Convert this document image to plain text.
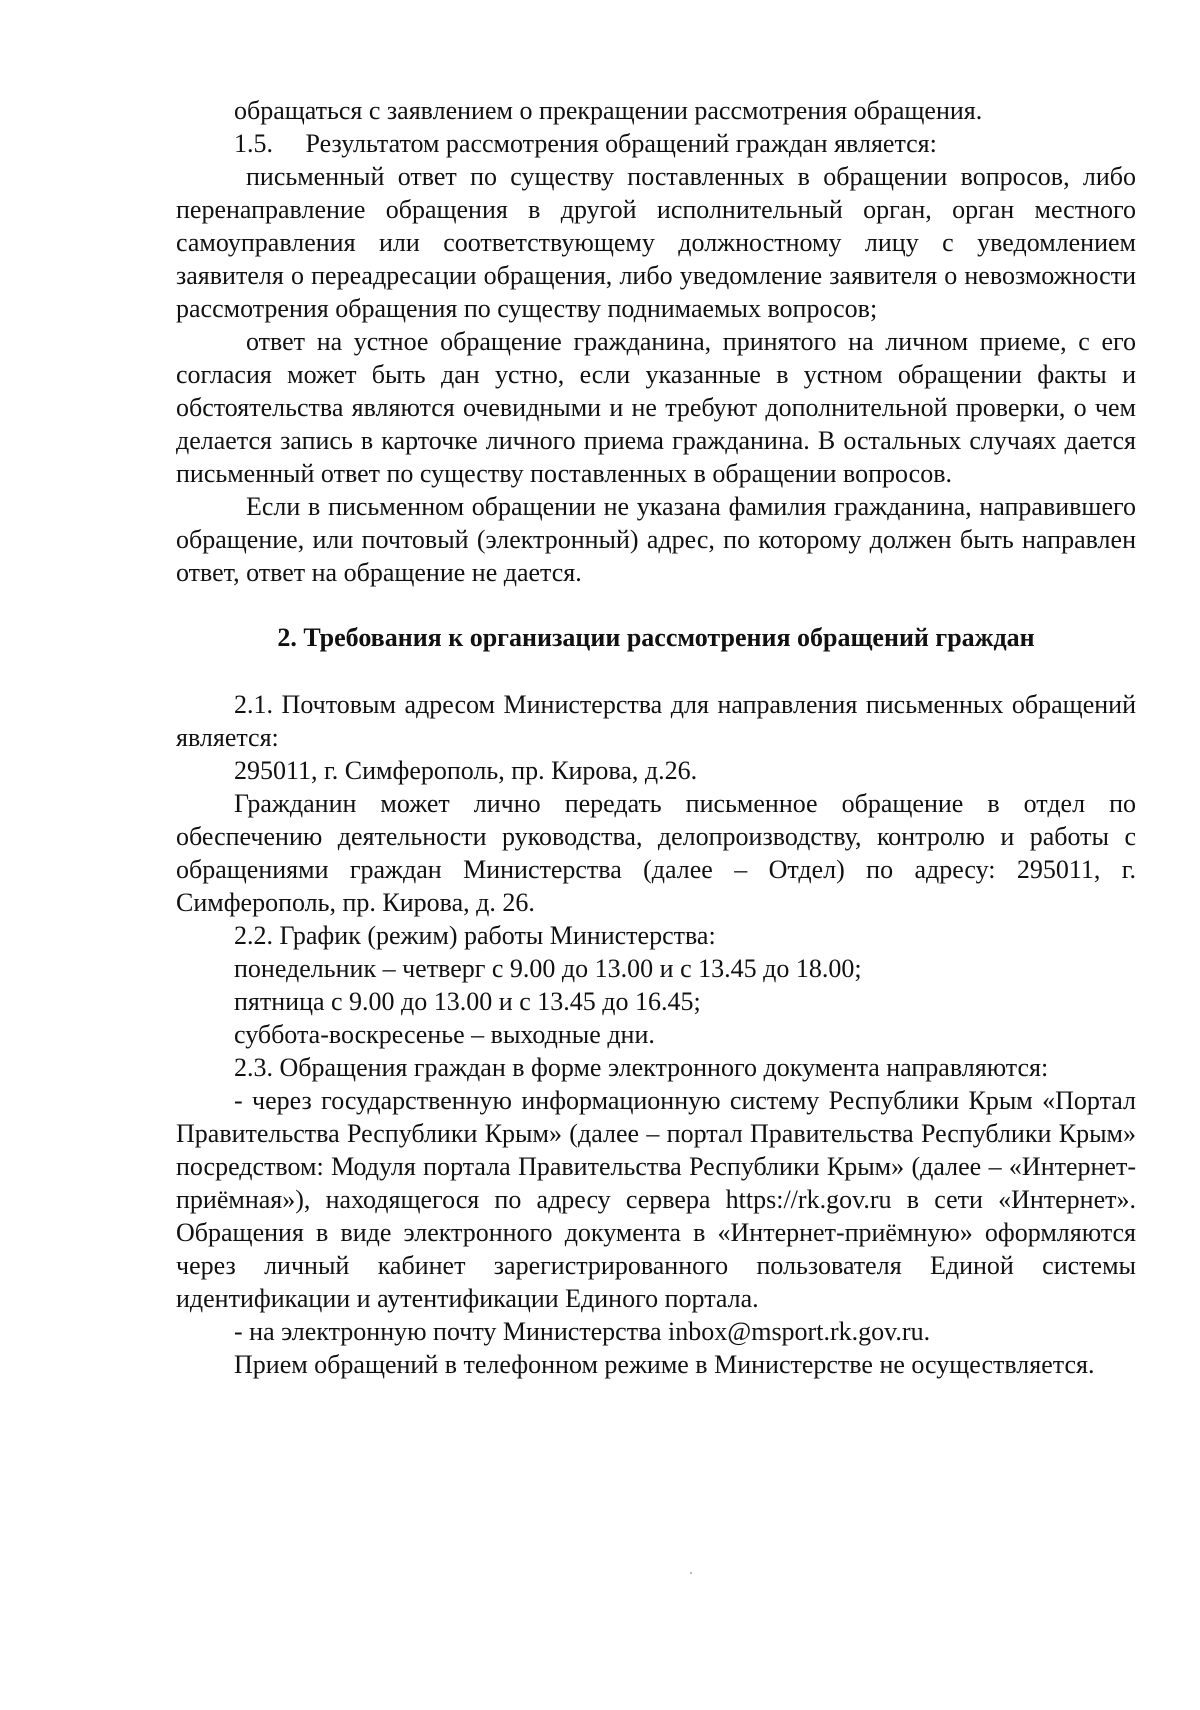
обращаться с заявлением о прекращении рассмотрения обращения.

1.5.  Результатом рассмотрения обращений граждан является:

письменный ответ по существу поставленных в обращении вопросов, либо перенаправление обращения в другой исполнительный орган, орган местного самоуправления или соответствующему должностному лицу с уведомлением заявителя о переадресации обращения, либо уведомление заявителя о невозможности рассмотрения обращения по существу поднимаемых вопросов;

ответ на устное обращение гражданина, принятого на личном приеме, с его согласия может быть дан устно, если указанные в устном обращении факты и обстоятельства являются очевидными и не требуют дополнительной проверки, о чем делается запись в карточке личного приема гражданина. В остальных случаях дается письменный ответ по существу поставленных в обращении вопросов.

Если в письменном обращении не указана фамилия гражданина, направившего обращение, или почтовый (электронный) адрес, по которому должен быть направлен ответ, ответ на обращение не дается.

2. Требования к организации рассмотрения обращений граждан

2.1. Почтовым адресом Министерства для направления письменных обращений является:

295011, г. Симферополь, пр. Кирова, д.26.

Гражданин может лично передать письменное обращение в отдел по обеспечению деятельности руководства, делопроизводству, контролю и работы с обращениями граждан Министерства (далее – Отдел) по адресу: 295011, г. Симферополь, пр. Кирова, д. 26.

2.2. График (режим) работы Министерства:

понедельник – четверг с 9.00 до 13.00 и с 13.45 до 18.00;

пятница с 9.00 до 13.00 и с 13.45 до 16.45;

суббота-воскресенье – выходные дни.

2.3. Обращения граждан в форме электронного документа направляются:

- через государственную информационную систему Республики Крым «Портал Правительства Республики Крым» (далее – портал Правительства Республики Крым» посредством: Модуля портала Правительства Республики Крым» (далее – «Интернет-приёмная»), находящегося по адресу сервера https://rk.gov.ru в сети «Интернет». Обращения в виде электронного документа в «Интернет-приёмную» оформляются через личный кабинет зарегистрированного пользователя Единой системы идентификации и аутентификации Единого портала.

- на электронную почту Министерства inbox@msport.rk.gov.ru.

Прием обращений в телефонном режиме в Министерстве не осуществляется.
